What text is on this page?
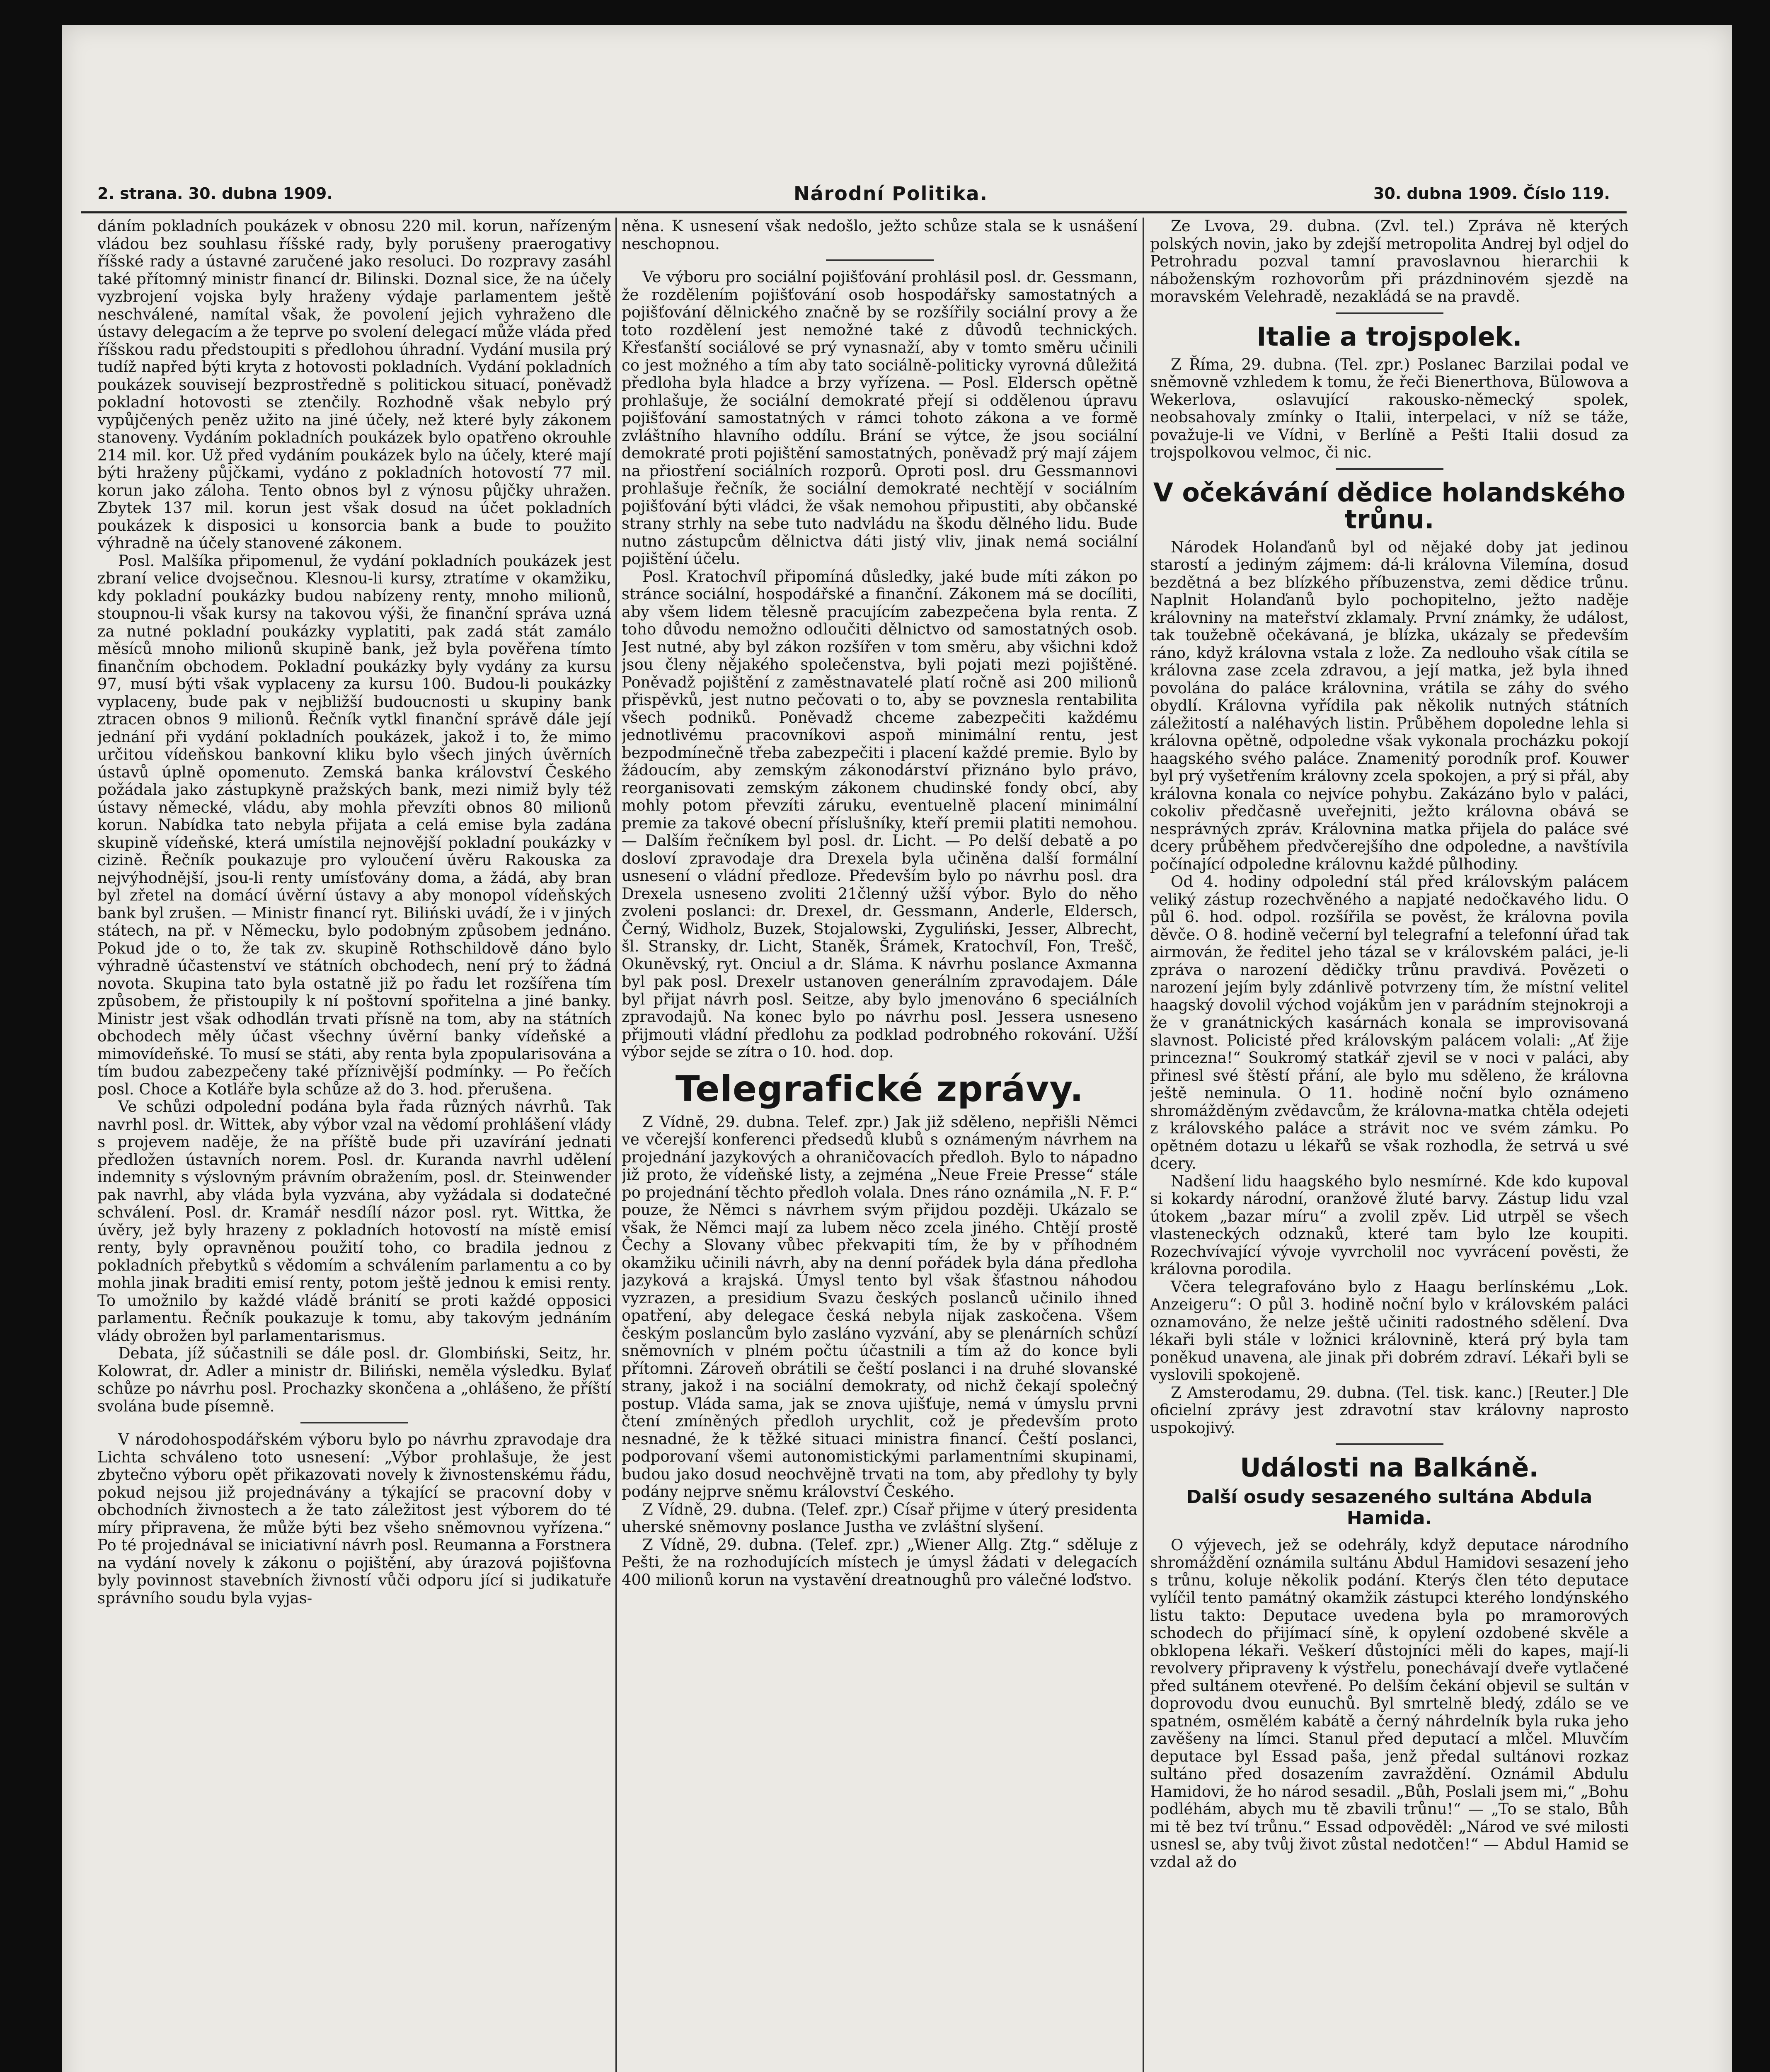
2. strana. 30. dubna 1909.	Národní Politika.	30. dubna 1909. Číslo 119.

dáním pokladních poukázek v obnosu 220 mil. korun, nařízeným vládou bez souhlasu říšské rady, byly porušeny praerogativy říšské rady a ústavné zaručené jako resoluci. Do rozpravy zasáhl také přítomný ministr financí dr. Bilinski. Doznal sice, že na účely vyzbrojení vojska byly hraženy výdaje parlamentem ještě neschválené, namítal však, že povolení jejich vyhraženo dle ústavy delegacím a že teprve po svolení delegací může vláda před říšskou radu předstoupiti s předlohou úhradní. Vydání musila prý tudíž napřed býti kryta z hotovosti pokladních. Vydání pokladních poukázek souvisejí bezprostředně s politickou situací, poněvadž pokladní hotovosti se ztenčily. Rozhodně však nebylo prý vypůjčených peněz užito na jiné účely, než které byly zákonem stanoveny. Vydáním pokladních poukázek bylo opatřeno okrouhle 214 mil. kor. Už před vydáním poukázek bylo na účely, které mají býti hraženy půjčkami, vydáno z pokladních hotovostí 77 mil. korun jako záloha. Tento obnos byl z výnosu půjčky uhražen. Zbytek 137 mil. korun jest však dosud na účet pokladních poukázek k disposici u konsorcia bank a bude to použito výhradně na účely stanovené zákonem.

Posl. Malšíka připomenul, že vydání pokladních poukázek jest zbraní velice dvojsečnou. Klesnou-li kursy, ztratíme v okamžiku, kdy pokladní poukázky budou nabízeny renty, mnoho milionů, stoupnou-li však kursy na takovou výši, že finanční správa uzná za nutné pokladní poukázky vyplatiti, pak zadá stát zamálo měsíců mnoho milionů skupině bank, jež byla pověřena tímto finančním obchodem. Pokladní poukázky byly vydány za kursu 97, musí býti však vyplaceny za kursu 100. Budou-li poukázky vyplaceny, bude pak v nejbližší budoucnosti u skupiny bank ztracen obnos 9 milionů. Řečník vytkl finanční správě dále její jednání při vydání pokladních poukázek, jakož i to, že mimo určitou vídeňskou bankovní kliku bylo všech jiných úvěrních ústavů úplně opomenuto. Zemská banka království Českého požádala jako zástupkyně pražských bank, mezi nimiž byly též ústavy německé, vládu, aby mohla převzíti obnos 80 milionů korun. Nabídka tato nebyla přijata a celá emise byla zadána skupině vídeňské, která umístila nejnovější pokladní poukázky v cizině. Řečník poukazuje pro vyloučení úvěru Rakouska za nejvýhodnější, jsou-li renty umísťovány doma, a žádá, aby bran byl zřetel na domácí úvěrní ústavy a aby monopol vídeňských bank byl zrušen. — Ministr financí ryt. Biliński uvádí, že i v jiných státech, na př. v Německu, bylo podobným způsobem jednáno. Pokud jde o to, že tak zv. skupině Rothschildově dáno bylo výhradně účastenství ve státních obchodech, není prý to žádná novota. Skupina tato byla ostatně již po řadu let rozšířena tím způsobem, že přistoupily k ní poštovní spořitelna a jiné banky. Ministr jest však odhodlán trvati přísně na tom, aby na státních obchodech měly účast všechny úvěrní banky vídeňské a mimovídeňské. To musí se státi, aby renta byla zpopularisována a tím budou zabezpečeny také příznivější podmínky. — Po řečích posl. Choce a Kotláře byla schůze až do 3. hod. přerušena.

Ve schůzi odpolední podána byla řada různých návrhů. Tak navrhl posl. dr. Wittek, aby výbor vzal na vědomí prohlášení vlády s projevem naděje, že na příště bude při uzavírání jednati předložen ústavních norem. Posl. dr. Kuranda navrhl udělení indemnity s výslovným právním obražením, posl. dr. Steinwender pak navrhl, aby vláda byla vyzvána, aby vyžádala si dodatečné schválení. Posl. dr. Kramář nesdílí názor posl. ryt. Wittka, že úvěry, jež byly hrazeny z pokladních hotovostí na místě emisí renty, byly opravněnou použití toho, co bradila jednou z pokladních přebytků s vědomím a schválením parlamentu a co by mohla jinak braditi emisí renty, potom ještě jednou k emisi renty. To umožnilo by každé vládě bránití se proti každé opposici parlamentu. Řečník poukazuje k tomu, aby takovým jednáním vlády obrožen byl parlamentarismus.

Debata, jíž súčastnili se dále posl. dr. Glombiński, Seitz, hr. Kolowrat, dr. Adler a ministr dr. Biliński, neměla výsledku. Bylať schůze po návrhu posl. Prochazky skončena a „ohlášeno, že příští svolána bude písemně.

V národohospodářském výboru bylo po návrhu zpravodaje dra Lichta schváleno toto usnesení: „Výbor prohlašuje, že jest zbytečno výboru opět přikazovati novely k živnostenskému řádu, pokud nejsou již projednávány a týkající se pracovní doby v obchodních živnostech a že tato záležitost jest výborem do té míry připravena, že může býti bez všeho sněmovnou vyřízena.“ Po té projednával se iniciativní návrh posl. Reumanna a Forstnera na vydání novely k zákonu o pojištění, aby úrazová pojišťovna byly povinnost stavebních živností vůči odporu jící si judikatuře správního soudu byla vyjas-

něna. K usnesení však nedošlo, ježto schůze stala se k usnášení neschopnou.

Ve výboru pro sociální pojišťování prohlásil posl. dr. Gessmann, že rozdělením pojišťování osob hospodářsky samostatných a pojišťování dělnického značně by se rozšířily sociální provy a že toto rozdělení jest nemožné také z důvodů technických. Křesťanští sociálové se prý vynasnaží, aby v tomto směru učinili co jest možného a tím aby tato sociálně-politicky vyrovná důležitá předloha byla hladce a brzy vyřízena. — Posl. Eldersch opětně prohlašuje, že sociální demokraté přejí si oddělenou úpravu pojišťování samostatných v rámci tohoto zákona a ve formě zvláštního hlavního oddílu. Brání se výtce, že jsou sociální demokraté proti pojištění samostatných, poněvadž prý mají zájem na přiostření sociálních rozporů. Oproti posl. dru Gessmannovi prohlašuje řečník, že sociální demokraté nechtějí v sociálním pojišťování býti vládci, že však nemohou připustiti, aby občanské strany strhly na sebe tuto nadvládu na škodu dělného lidu. Bude nutno zástupcům dělnictva dáti jistý vliv, jinak nemá sociální pojištění účelu.

Posl. Kratochvíl připomíná důsledky, jaké bude míti zákon po stránce sociální, hospodářské a finanční. Zákonem má se docíliti, aby všem lidem tělesně pracujícím zabezpečena byla renta. Z toho důvodu nemožno odloučiti dělnictvo od samostatných osob. Jest nutné, aby byl zákon rozšířen v tom směru, aby všichni kdož jsou členy nějakého společenstva, byli pojati mezi pojištěné. Poněvadž pojištění z zaměstnavatelé platí ročně asi 200 milionů přispěvků, jest nutno pečovati o to, aby se povznesla rentabilita všech podniků. Poněvadž chceme zabezpečiti každému jednotlivému pracovníkovi aspoň minimální rentu, jest bezpodmínečně třeba zabezpečiti i placení každé premie. Bylo by žádoucím, aby zemským zákonodárství přiznáno bylo právo, reorganisovati zemským zákonem chudinské fondy obcí, aby mohly potom převzíti záruku, eventuelně placení minimální premie za takové obecní příslušníky, kteří premii platiti nemohou. — Dalším řečníkem byl posl. dr. Licht. — Po delší debatě a po dosloví zpravodaje dra Drexela byla učiněna další formální usnesení o vládní předloze. Především bylo po návrhu posl. dra Drexela usneseno zvoliti 21členný užší výbor. Bylo do něho zvoleni poslanci: dr. Drexel, dr. Gessmann, Anderle, Eldersch, Černý, Widholz, Buzek, Stojalowski, Zyguliński, Jesser, Albrecht, šl. Stransky, dr. Licht, Staněk, Šrámek, Kratochvíl, Fon, Trešč, Okuněvský, ryt. Onciul a dr. Sláma. K návrhu poslance Axmanna byl pak posl. Drexelr ustanoven generálním zpravodajem. Dále byl přijat návrh posl. Seitze, aby bylo jmenováno 6 speciálních zpravodajů. Na konec bylo po návrhu posl. Jessera usneseno přijmouti vládní předlohu za podklad podrobného rokování. Užší výbor sejde se zítra o 10. hod. dop.

Telegrafické zprávy.

Z Vídně, 29. dubna. Telef. zpr.) Jak již sděleno, nepřišli Němci ve včerejší konferenci předsedů klubů s oznámeným návrhem na projednání jazykových a ohraničovacích předloh. Bylo to nápadno již proto, že vídeňské listy, a zejména „Neue Freie Presse“ stále po projednání těchto předloh volala. Dnes ráno oznámila „N. F. P.“ pouze, že Němci s návrhem svým přijdou později. Ukázalo se však, že Němci mají za lubem něco zcela jiného. Chtějí prostě Čechy a Slovany vůbec překvapiti tím, že by v příhodném okamžiku učinili návrh, aby na denní pořádek byla dána předloha jazyková a krajská. Úmysl tento byl však šťastnou náhodou vyzrazen, a presidium Svazu českých poslanců učinilo ihned opatření, aby delegace česká nebyla nijak zaskočena. Všem českým poslancům bylo zasláno vyzvání, aby se plenárních schůzí sněmovních v plném počtu účastnili a tím až do konce byli přítomni. Zároveň obrátili se čeští poslanci i na druhé slovanské strany, jakož i na sociální demokraty, od nichž čekají společný postup. Vláda sama, jak se znova ujišťuje, nemá v úmyslu prvni čtení zmíněných předloh urychlit, což je především proto nesnadné, že k těžké situaci ministra financí. Čeští poslanci, podporovaní všemi autonomistickými parlamentními skupinami, budou jako dosud neochvějně trvati na tom, aby předlohy ty byly podány nejprve sněmu království Českého.

Z Vídně, 29. dubna. (Telef. zpr.) Císař přijme v úterý presidenta uherské sněmovny poslance Justha ve zvláštní slyšení.

Z Vídně, 29. dubna. (Telef. zpr.) „Wiener Allg. Ztg.“ sděluje z Pešti, že na rozhodujících místech je úmysl žádati v delegacích 400 milionů korun na vystavění dreatnoughů pro válečné loďstvo.

Ze Lvova, 29. dubna. (Zvl. tel.) Zpráva ně kterých polských novin, jako by zdejší metropolita Andrej byl odjel do Petrohradu pozval tamní pravoslavnou hierarchii k náboženským rozhovorům při prázdninovém sjezdě na moravském Velehradě, nezakládá se na pravdě.

Italie a trojspolek.

Z Říma, 29. dubna. (Tel. zpr.) Poslanec Barzilai podal ve sněmovně vzhledem k tomu, že řeči Bienerthova, Bülowova a Wekerlova, oslavující rakousko-německý spolek, neobsahovaly zmínky o Italii, interpelaci, v níž se táže, považuje-li ve Vídni, v Berlíně a Pešti Italii dosud za trojspolkovou velmoc, či nic.

V očekávání dědice holandského trůnu.

Národek Holanďanů byl od nějaké doby jat jedinou starostí a jediným zájmem: dá-li královna Vilemína, dosud bezdětná a bez blízkého příbuzenstva, zemi dědice trůnu. Naplnit Holanďanů bylo pochopitelno, ježto naděje královniny na mateřství zklamaly. První známky, že událost, tak toužebně očekávaná, je blízka, ukázaly se především ráno, když královna vstala z lože. Za nedlouho však cítila se královna zase zcela zdravou, a její matka, jež byla ihned povolána do paláce královnina, vrátila se záhy do svého obydlí. Královna vyřídila pak několik nutných státních záležitostí a naléhavých listin. Průběhem dopoledne lehla si královna opětně, odpoledne však vykonala procházku pokojí haagského svého paláce. Znamenitý porodník prof. Kouwer byl prý vyšetřením královny zcela spokojen, a prý si přál, aby královna konala co nejvíce pohybu. Zakázáno bylo v paláci, cokoliv předčasně uveřejniti, ježto královna obává se nesprávných zpráv. Královnina matka přijela do paláce své dcery průběhem předvčerejšího dne odpoledne, a navštívila počínající odpoledne královnu každé půlhodiny.

Od 4. hodiny odpolední stál před královským palácem veliký zástup rozechvěného a napjaté nedočkavého lidu. O půl 6. hod. odpol. rozšířila se pověst, že královna povila děvče. O 8. hodině večerní byl telegrafní a telefonní úřad tak airmován, že ředitel jeho tázal se v královském paláci, je-li zpráva o narození dědičky trůnu pravdivá. Povězeti o narození jejím byly zdánlivě potvrzeny tím, že místní velitel haagský dovolil východ vojákům jen v parádním stejnokroji a že v granátnických kasárnách konala se improvisovaná slavnost. Policisté před královským palácem volali: „Ať žije princezna!“ Soukromý statkář zjevil se v noci v paláci, aby přinesl své štěstí přání, ale bylo mu sděleno, že královna ještě neminula. O 11. hodině noční bylo oznámeno shromážděným zvědavcům, že královna-matka chtěla odejeti z královského paláce a strávit noc ve svém zámku. Po opětném dotazu u lékařů se však rozhodla, že setrvá u své dcery.

Nadšení lidu haagského bylo nesmírné. Kde kdo kupoval si kokardy národní, oranžové žluté barvy. Zástup lidu vzal útokem „bazar míru“ a zvolil zpěv. Lid utrpěl se všech vlasteneckých odznaků, které tam bylo lze koupiti. Rozechvívající vývoje vyvrcholil noc vyvrácení pověsti, že královna porodila.

Včera telegrafováno bylo z Haagu berlínskému „Lok. Anzeigeru“: O půl 3. hodině noční bylo v královském paláci oznamováno, že nelze ještě učiniti radostného sdělení. Dva lékaři byli stále v ložnici královnině, která prý byla tam poněkud unavena, ale jinak při dobrém zdraví. Lékaři byli se vyslovili spokojeně.

Z Amsterodamu, 29. dubna. (Tel. tisk. kanc.) [Reuter.] Dle oficielní zprávy jest zdravotní stav královny naprosto uspokojivý.

Události na Balkáně.
Další osudy sesazeného sultána Abdula Hamida.

O výjevech, jež se odehrály, když deputace národního shromáždění oznámila sultánu Abdul Hamidovi sesazení jeho s trůnu, koluje několik podání. Kterýs člen této deputace vylíčil tento památný okamžik zástupci kterého londýnského listu takto: Deputace uvedena byla po mramorových schodech do přijímací síně, k opylení ozdobené skvěle a obklopena lékaři. Veškerí důstojníci měli do kapes, mají-li revolvery připraveny k výstřelu, ponechávají dveře vytlačené před sultánem otevřené. Po delším čekání objevil se sultán v doprovodu dvou eunuchů. Byl smrtelně bledý, zdálo se ve spatném, osmělém kabátě a černý náhrdelník byla ruka jeho zavěšeny na límci. Stanul před deputací a mlčel. Mluvčím deputace byl Essad paša, jenž předal sultánovi rozkaz sultáno před dosazením zavraždění. Oznámil Abdulu Hamidovi, že ho národ sesadil. „Bůh, Poslali jsem mi,“ „Bohu podléhám, abych mu tě zbavili trůnu!“ — „To se stalo, Bůh mi tě bez tví trůnu.“ Essad odpověděl: „Národ ve své milosti usnesl se, aby tvůj život zůstal nedotčen!“ — Abdul Hamid se vzdal až do
